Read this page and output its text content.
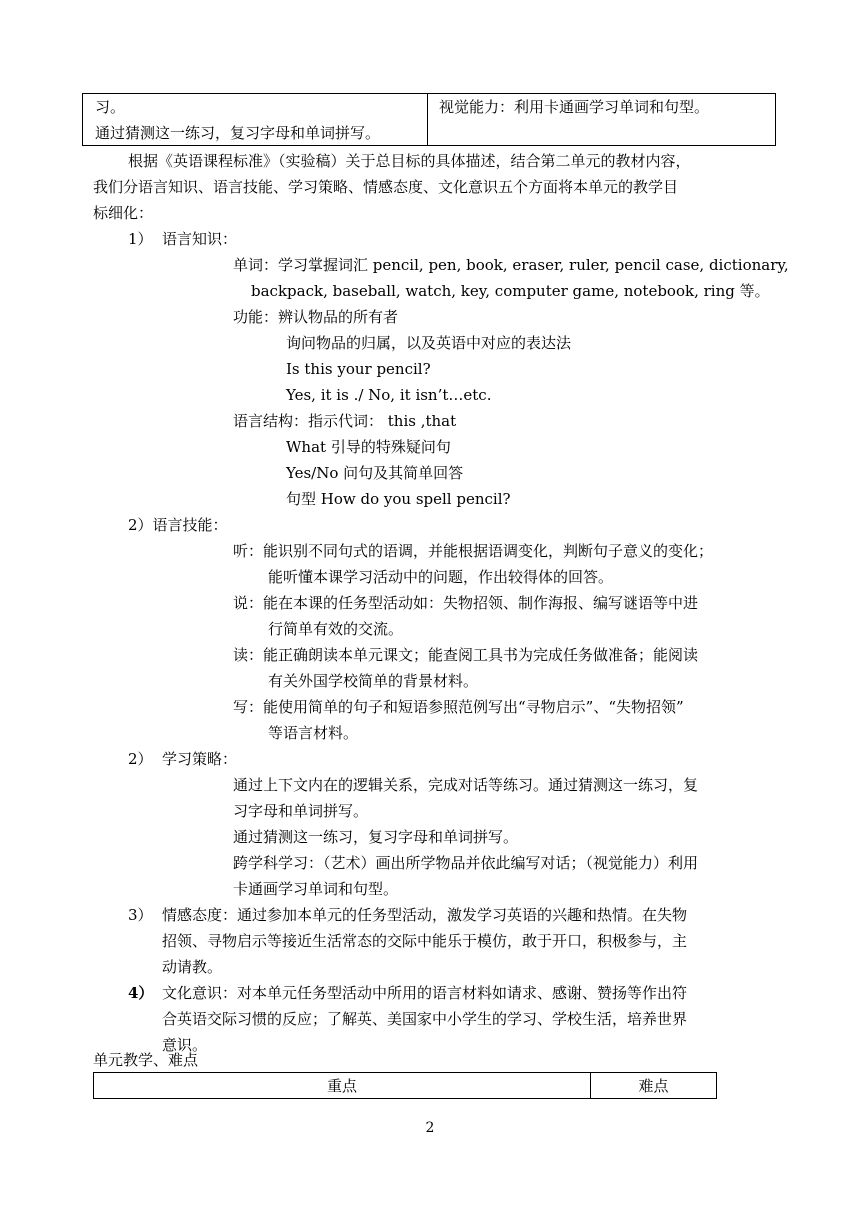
习。
通过猜测这一练习，复习字母和单词拼写。
视觉能力：利用卡通画学习单词和句型。
根据《英语课程标准》（实验稿）关于总目标的具体描述，结合第二单元的教材内容，
我们分语言知识、语言技能、学习策略、情感态度、文化意识五个方面将本单元的教学目
标细化：
1） 语言知识：
单词：学习掌握词汇 pencil, pen, book, eraser, ruler, pencil case, dictionary,
backpack, baseball, watch, key, computer game, notebook, ring 等。
功能：辨认物品的所有者
询问物品的归属，以及英语中对应的表达法
Is this your pencil?
Yes, it is ./ No, it isn’t…etc.
语言结构：指示代词： this ,that
What 引导的特殊疑问句
Yes/No 问句及其简单回答
句型 How do you spell pencil?
2）语言技能：
听：能识别不同句式的语调，并能根据语调变化，判断句子意义的变化；
能听懂本课学习活动中的问题，作出较得体的回答。
说：能在本课的任务型活动如：失物招领、制作海报、编写谜语等中进
行简单有效的交流。
读：能正确朗读本单元课文；能查阅工具书为完成任务做准备；能阅读
有关外国学校简单的背景材料。
写：能使用简单的句子和短语参照范例写出“寻物启示”、“失物招领”
等语言材料。
2） 学习策略：
通过上下文内在的逻辑关系，完成对话等练习。通过猜测这一练习，复
习字母和单词拼写。
通过猜测这一练习，复习字母和单词拼写。
跨学科学习：（艺术）画出所学物品并依此编写对话；（视觉能力）利用
卡通画学习单词和句型。
3） 情感态度：通过参加本单元的任务型活动，激发学习英语的兴趣和热情。在失物
招领、寻物启示等接近生活常态的交际中能乐于模仿，敢于开口，积极参与，主
动请教。
4） 文化意识：对本单元任务型活动中所用的语言材料如请求、感谢、赞扬等作出符
合英语交际习惯的反应；了解英、美国家中小学生的学习、学校生活，培养世界
意识。
单元教学、难点
重点	难点
2
